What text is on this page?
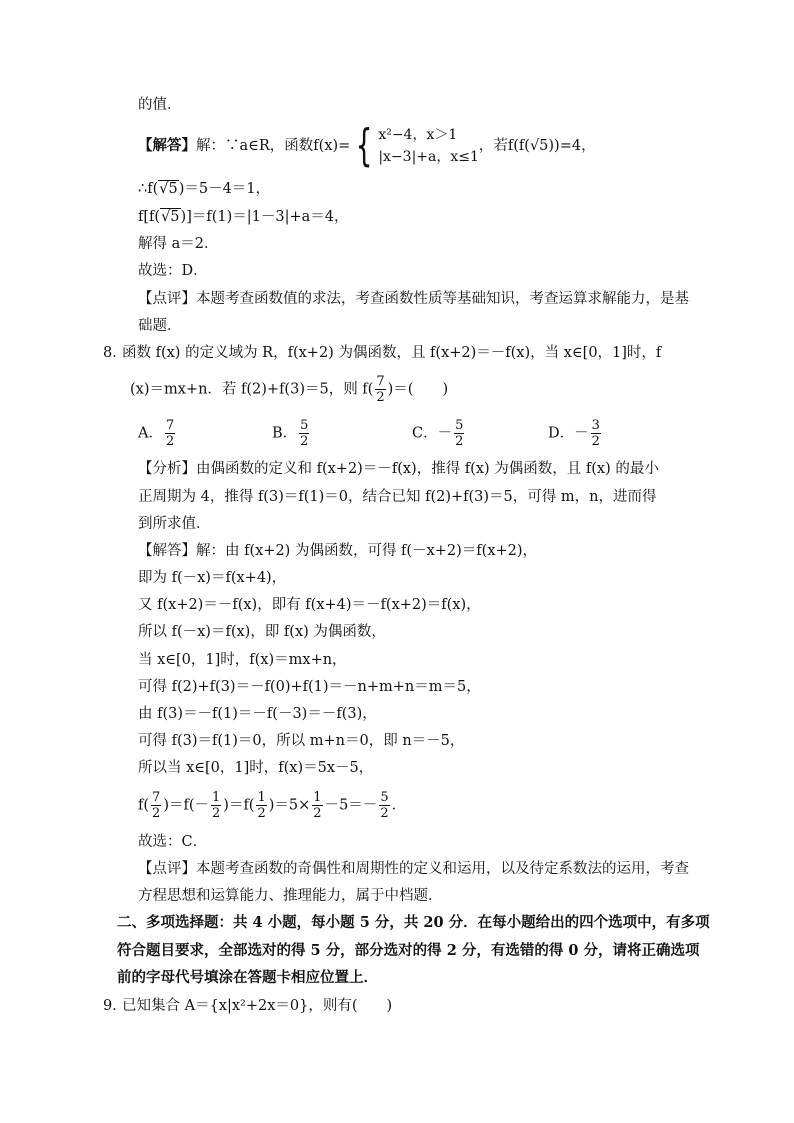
的值．
【解答】解：∵a∈R，函数f(x)= { x²−4，x＞1
|x−3|+a，x≤1
，若f(f(√5))=4，
∴f(√5)＝5－4＝1，
f[f(√5)]＝f(1)＝|1－3|+a＝4，
解得 a＝2．
故选：D．
【点评】本题考查函数值的求法，考查函数性质等基础知识，考查运算求解能力，是基
础题．
8．
函数 f(x) 的定义域为 R，f(x+2) 为偶函数，且 f(x+2)＝－f(x)，当 x∈[0，1]时，f
(x)＝mx+n．若 f(2)+f(3)＝5，则 $f( \frac{7}{2}$ )＝(　　)
A． $\frac{7}{2}$	B． $\frac{5}{2}$	C．－ $\frac{5}{2}$	D．－ $\frac{3}{2}$
【分析】由偶函数的定义和 f(x+2)＝－f(x)，推得 f(x) 为偶函数，且 f(x) 的最小
正周期为 4，推得 f(3)＝f(1)＝0，结合已知 f(2)+f(3)＝5，可得 m，n，进而得
到所求值．
【解答】解：由 f(x+2) 为偶函数，可得 f(－x+2)＝f(x+2)，
即为 f(－x)＝f(x+4)，
又 f(x+2)＝－f(x)，即有 f(x+4)＝－f(x+2)＝f(x)，
所以 f(－x)＝f(x)，即 f(x) 为偶函数，
当 x∈[0，1]时，f(x)＝mx+n，
可得 f(2)+f(3)＝－f(0)+f(1)＝－n+m+n＝m＝5，
由 f(3)＝－f(1)＝－f(－3)＝－f(3)，
可得 f(3)＝f(1)＝0，所以 m+n＝0，即 n＝－5，
所以当 x∈[0，1]时，f(x)＝5x－5，
$f( \frac{7}{2} )=f(- \frac{1}{2} )=f( \frac{1}{2} )=5\times \frac{1}{2} -5=- \frac{5}{2}$ ．
故选：C．
【点评】本题考查函数的奇偶性和周期性的定义和运用，以及待定系数法的运用，考查
方程思想和运算能力、推理能力，属于中档题．
二、多项选择题：共 4 小题，每小题 5 分，共 20 分．在每小题给出的四个选项中，有多项
符合题目要求，全部选对的得 5 分，部分选对的得 2 分，有选错的得 0 分，请将正确选项
前的字母代号填涂在答题卡相应位置上．
9．
已知集合 A＝{x|x²+2x＝0}，则有(　　)
